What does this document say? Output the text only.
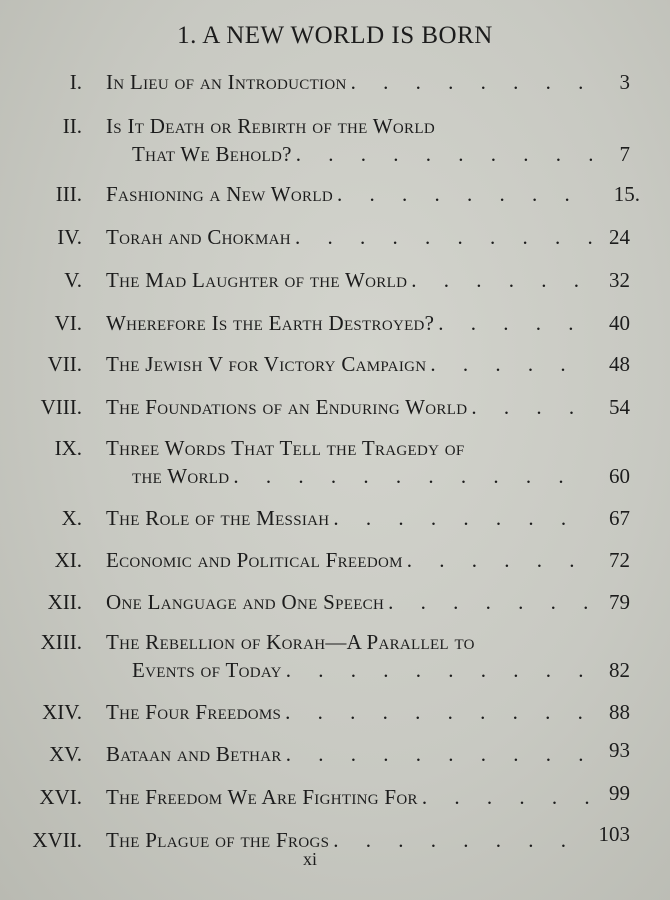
1. A NEW WORLD IS BORN
I. In Lieu of an Introduction . . .	3
II. Is It Death or Rebirth of the World
That We Behold? . . .	7
III. Fashioning a New World . . .	15.
IV. Torah and Chokmah . . .	24
V. The Mad Laughter of the World . . .	32
VI. Wherefore Is the Earth Destroyed? . . .	40
VII. The Jewish V for Victory Campaign . . .	48
VIII. The Foundations of an Enduring World . . .	54
IX. Three Words That Tell the Tragedy of
the World . . .	60
X. The Role of the Messiah . . .	67
XI. Economic and Political Freedom . . .	72
XII. One Language and One Speech . . .	79
XIII. The Rebellion of Korah—A Parallel to
Events of Today . . .	82
XIV. The Four Freedoms . . .	88
XV. Bataan and Bethar . . .	93
XVI. The Freedom We Are Fighting For . . .	99
XVII. The Plague of the Frogs . . .	103
xi
